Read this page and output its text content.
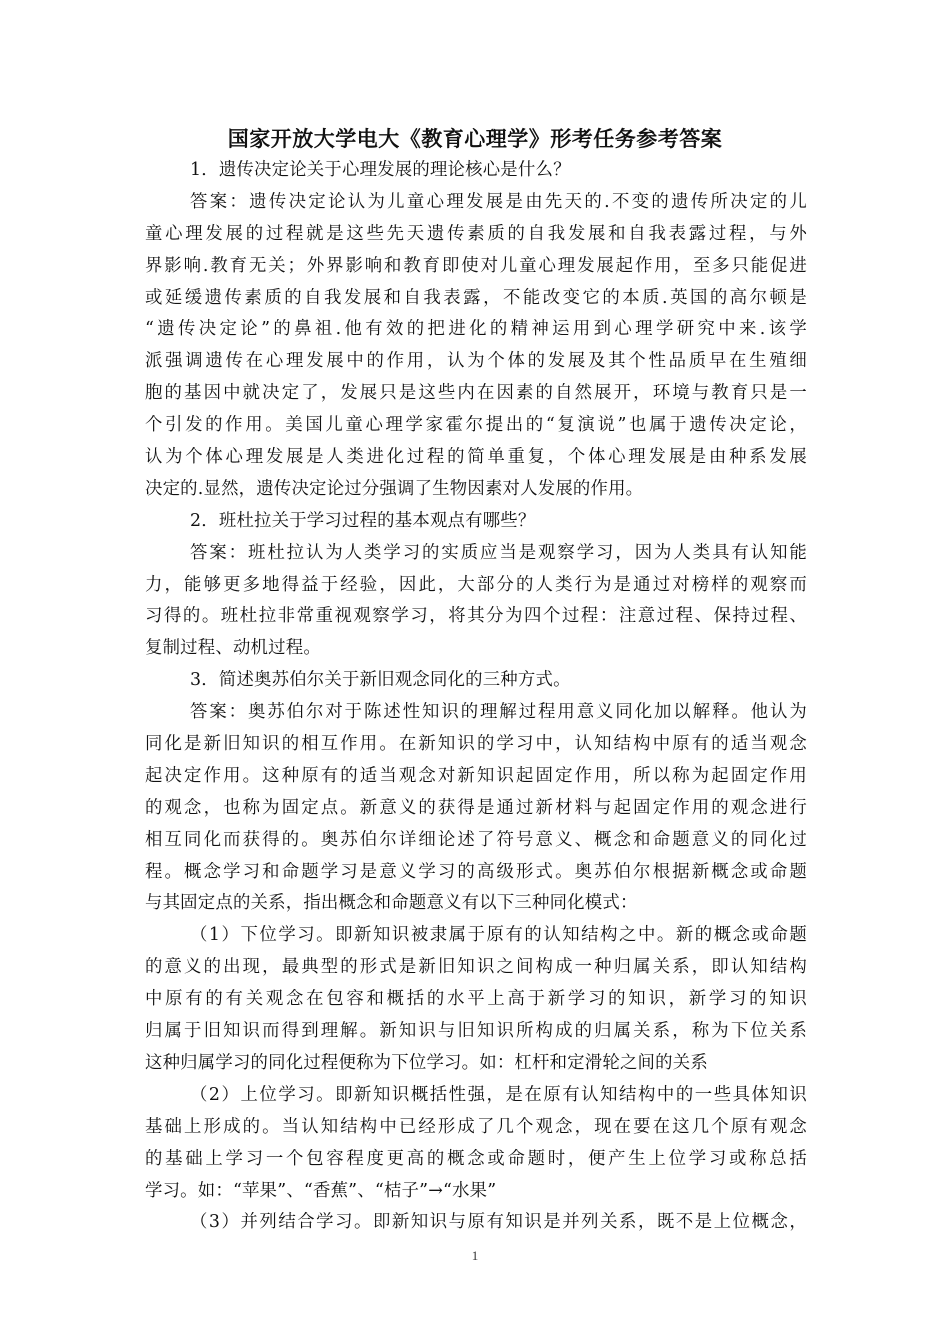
国家开放大学电大《教育心理学》形考任务参考答案
1．遗传决定论关于心理发展的理论核心是什么？
答案：遗传决定论认为儿童心理发展是由先天的.不变的遗传所决定的儿
童心理发展的过程就是这些先天遗传素质的自我发展和自我表露过程，与外
界影响.教育无关；外界影响和教育即使对儿童心理发展起作用，至多只能促进
或延缓遗传素质的自我发展和自我表露，不能改变它的本质.英国的高尔顿是
“遗传决定论”的鼻祖.他有效的把进化的精神运用到心理学研究中来.该学
派强调遗传在心理发展中的作用，认为个体的发展及其个性品质早在生殖细
胞的基因中就决定了，发展只是这些内在因素的自然展开，环境与教育只是一
个引发的作用。美国儿童心理学家霍尔提出的“复演说”也属于遗传决定论，
认为个体心理发展是人类进化过程的简单重复，个体心理发展是由种系发展
决定的.显然，遗传决定论过分强调了生物因素对人发展的作用。
2．班杜拉关于学习过程的基本观点有哪些？
答案：班杜拉认为人类学习的实质应当是观察学习，因为人类具有认知能
力，能够更多地得益于经验，因此，大部分的人类行为是通过对榜样的观察而
习得的。班杜拉非常重视观察学习，将其分为四个过程：注意过程、保持过程、
复制过程、动机过程。
3．简述奥苏伯尔关于新旧观念同化的三种方式。
答案：奥苏伯尔对于陈述性知识的理解过程用意义同化加以解释。他认为
同化是新旧知识的相互作用。在新知识的学习中，认知结构中原有的适当观念
起决定作用。这种原有的适当观念对新知识起固定作用，所以称为起固定作用
的观念，也称为固定点。新意义的获得是通过新材料与起固定作用的观念进行
相互同化而获得的。奥苏伯尔详细论述了符号意义、概念和命题意义的同化过
程。概念学习和命题学习是意义学习的高级形式。奥苏伯尔根据新概念或命题
与其固定点的关系，指出概念和命题意义有以下三种同化模式：
（1）下位学习。即新知识被隶属于原有的认知结构之中。新的概念或命题
的意义的出现，最典型的形式是新旧知识之间构成一种归属关系，即认知结构
中原有的有关观念在包容和概括的水平上高于新学习的知识，新学习的知识
归属于旧知识而得到理解。新知识与旧知识所构成的归属关系，称为下位关系
这种归属学习的同化过程便称为下位学习。如：杠杆和定滑轮之间的关系
（2）上位学习。即新知识概括性强，是在原有认知结构中的一些具体知识
基础上形成的。当认知结构中已经形成了几个观念，现在要在这几个原有观念
的基础上学习一个包容程度更高的概念或命题时，便产生上位学习或称总括
学习。如：“苹果”、“香蕉”、“桔子”→“水果”
（3）并列结合学习。即新知识与原有知识是并列关系，既不是上位概念，
1
